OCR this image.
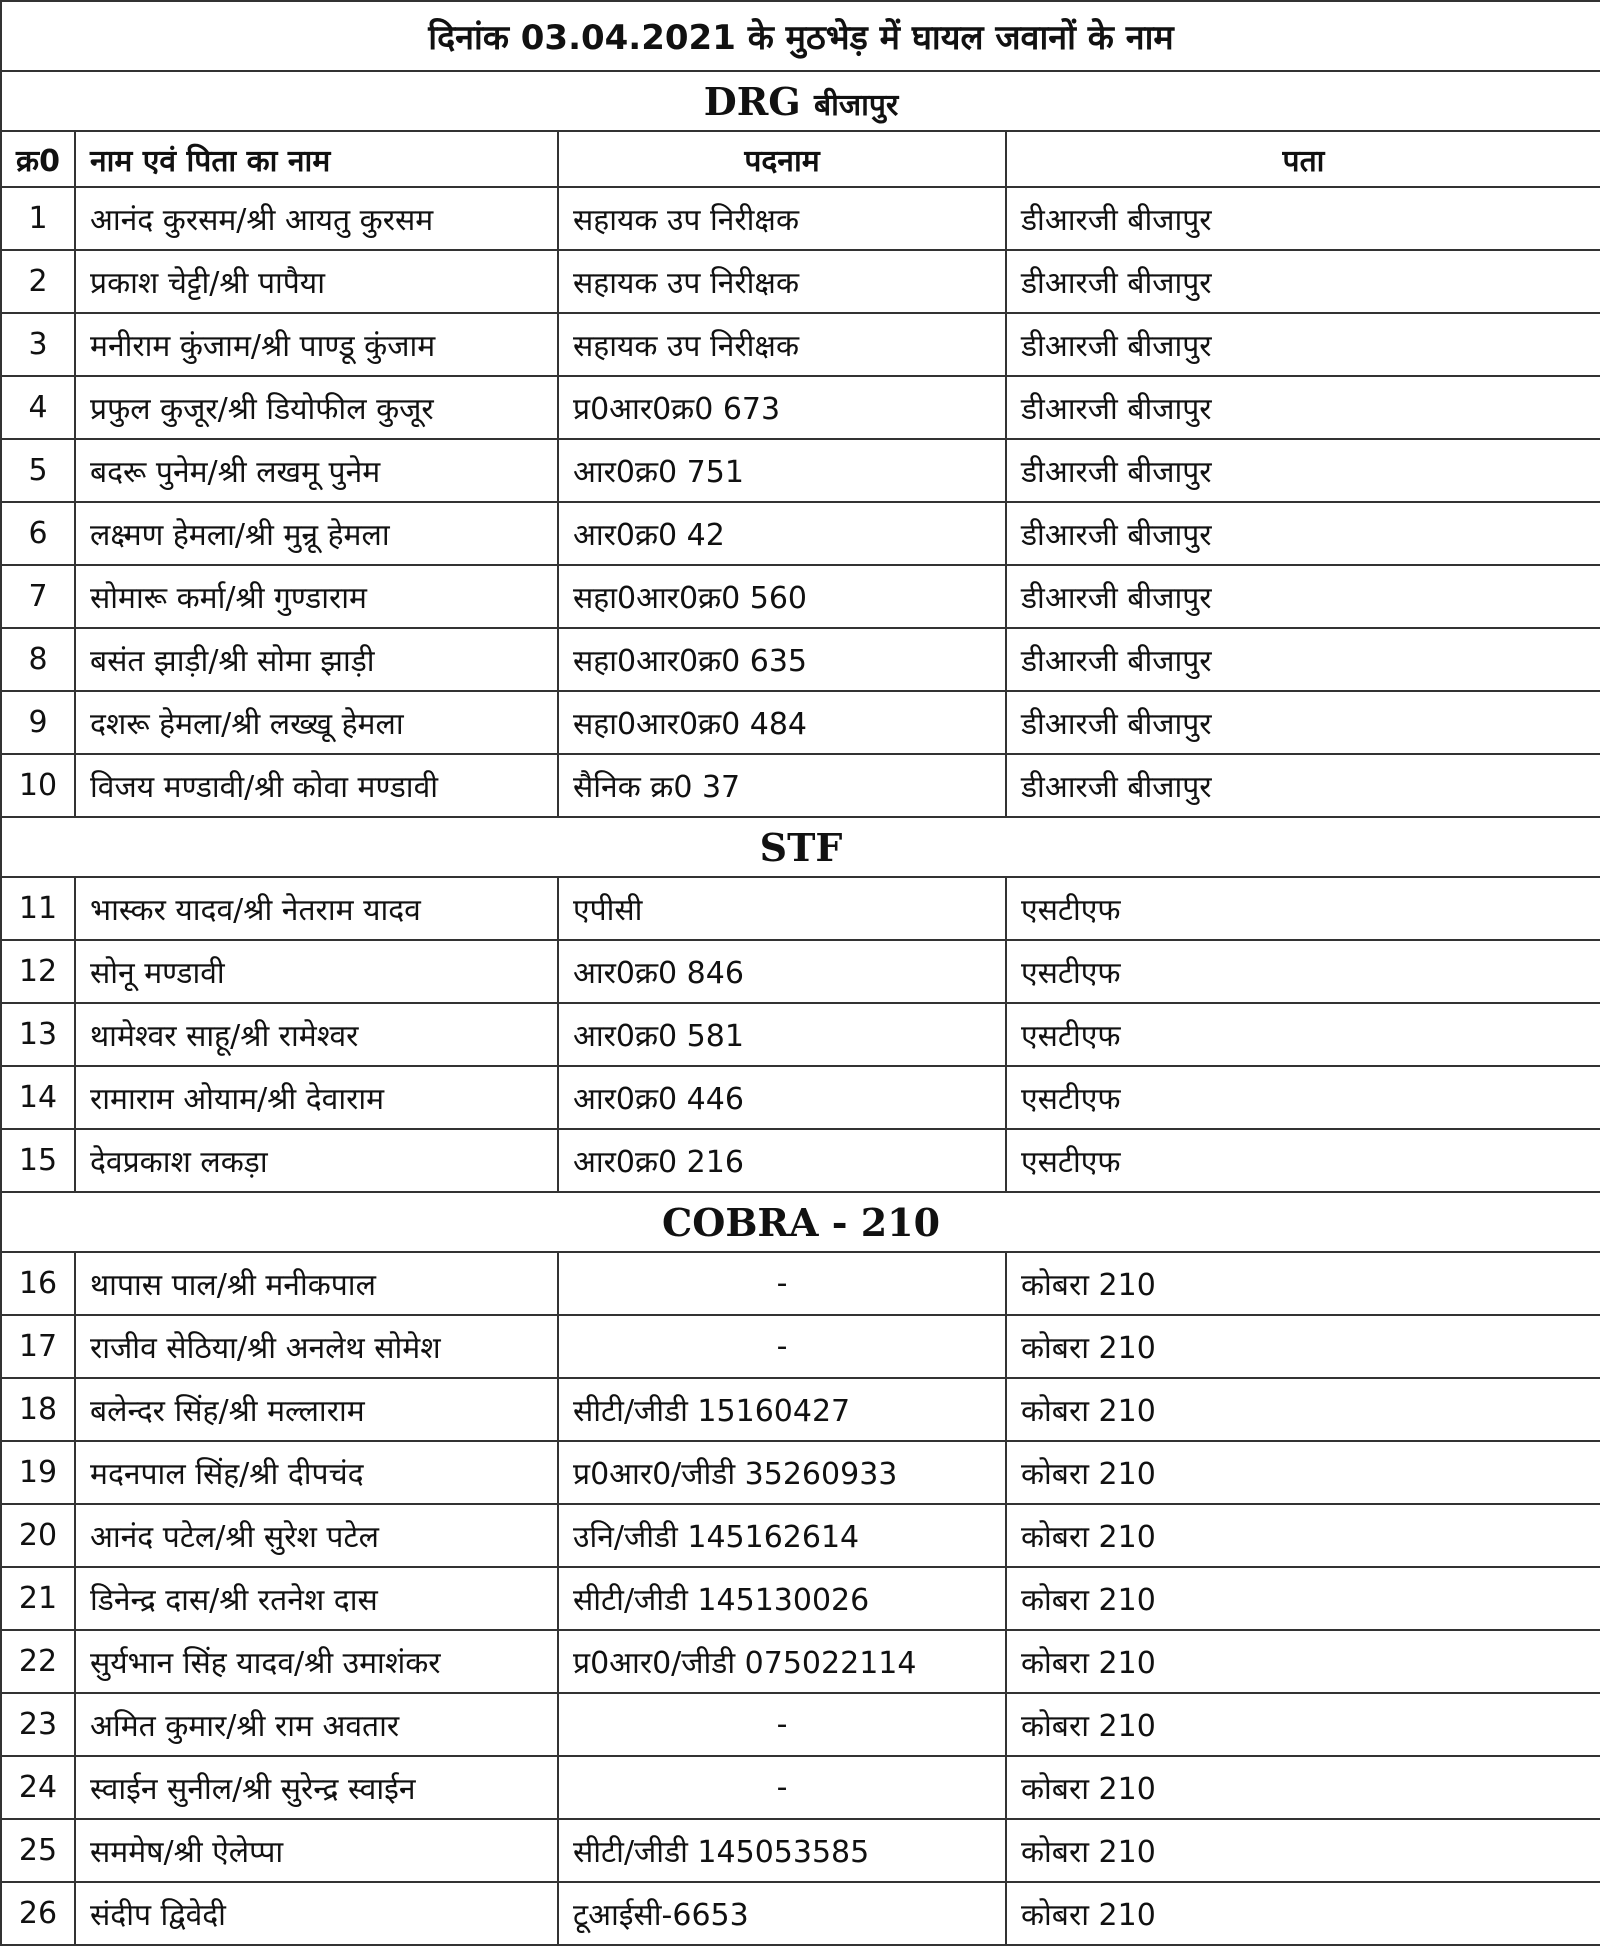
दिनांक 03.04.2021 के मुठभेड़ में घायल जवानों के नाम			
DRG बीजापुर			
क्र0	नाम एवं पिता का नाम	पदनाम	पता
1	आनंद कुरसम/श्री आयतु कुरसम	सहायक उप निरीक्षक	डीआरजी बीजापुर
2	प्रकाश चेट्टी/श्री पापैया	सहायक उप निरीक्षक	डीआरजी बीजापुर
3	मनीराम कुंजाम/श्री पाण्डू कुंजाम	सहायक उप निरीक्षक	डीआरजी बीजापुर
4	प्रफुल कुजूर/श्री डियोफील कुजूर	प्र0आर0क्र0 673	डीआरजी बीजापुर
5	बदरू पुनेम/श्री लखमू पुनेम	आर0क्र0 751	डीआरजी बीजापुर
6	लक्ष्मण हेमला/श्री मुन्रू हेमला	आर0क्र0 42	डीआरजी बीजापुर
7	सोमारू कर्मा/श्री गुण्डाराम	सहा0आर0क्र0 560	डीआरजी बीजापुर
8	बसंत झाड़ी/श्री सोमा झाड़ी	सहा0आर0क्र0 635	डीआरजी बीजापुर
9	दशरू हेमला/श्री लख्खू हेमला	सहा0आर0क्र0 484	डीआरजी बीजापुर
10	विजय मण्डावी/श्री कोवा मण्डावी	सैनिक क्र0 37	डीआरजी बीजापुर
STF			
11	भास्कर यादव/श्री नेतराम यादव	एपीसी	एसटीएफ
12	सोनू मण्डावी	आर0क्र0 846	एसटीएफ
13	थामेश्वर साहू/श्री रामेश्वर	आर0क्र0 581	एसटीएफ
14	रामाराम ओयाम/श्री देवाराम	आर0क्र0 446	एसटीएफ
15	देवप्रकाश लकड़ा	आर0क्र0 216	एसटीएफ
COBRA - 210			
16	थापास पाल/श्री मनीकपाल	-	कोबरा 210
17	राजीव सेठिया/श्री अनलेथ सोमेश	-	कोबरा 210
18	बलेन्दर सिंह/श्री मल्लाराम	सीटी/जीडी 15160427	कोबरा 210
19	मदनपाल सिंह/श्री दीपचंद	प्र0आर0/जीडी 35260933	कोबरा 210
20	आनंद पटेल/श्री सुरेश पटेल	उनि/जीडी 145162614	कोबरा 210
21	डिनेन्द्र दास/श्री रतनेश दास	सीटी/जीडी 145130026	कोबरा 210
22	सुर्यभान सिंह यादव/श्री उमाशंकर	प्र0आर0/जीडी 075022114	कोबरा 210
23	अमित कुमार/श्री राम अवतार	-	कोबरा 210
24	स्वाईन सुनील/श्री सुरेन्द्र स्वाईन	-	कोबरा 210
25	सममेष/श्री ऐलेप्पा	सीटी/जीडी 145053585	कोबरा 210
26	संदीप द्विवेदी	टूआईसी-6653	कोबरा 210
